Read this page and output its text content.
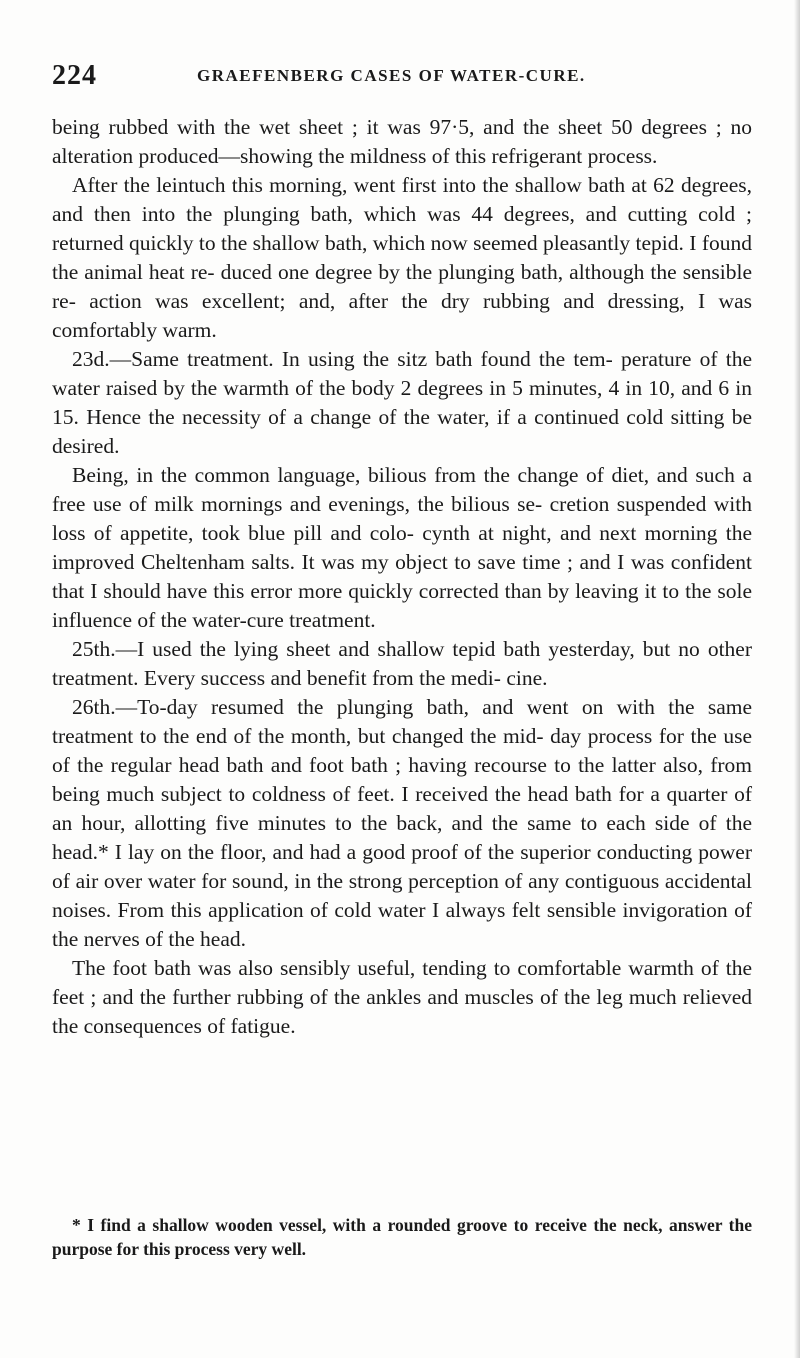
224	GRAEFENBERG CASES OF WATER-CURE.

being rubbed with the wet sheet ; it was 97·5, and the sheet 50 degrees ; no alteration produced—showing the mildness of this refrigerant process.

After the leintuch this morning, went first into the shallow bath at 62 degrees, and then into the plunging bath, which was 44 degrees, and cutting cold ; returned quickly to the shallow bath, which now seemed pleasantly tepid. I found the animal heat re- duced one degree by the plunging bath, although the sensible re- action was excellent; and, after the dry rubbing and dressing, I was comfortably warm.

23d.—Same treatment. In using the sitz bath found the tem- perature of the water raised by the warmth of the body 2 degrees in 5 minutes, 4 in 10, and 6 in 15. Hence the necessity of a change of the water, if a continued cold sitting be desired.

Being, in the common language, bilious from the change of diet, and such a free use of milk mornings and evenings, the bilious se- cretion suspended with loss of appetite, took blue pill and colo- cynth at night, and next morning the improved Cheltenham salts. It was my object to save time ; and I was confident that I should have this error more quickly corrected than by leaving it to the sole influence of the water-cure treatment.

25th.—I used the lying sheet and shallow tepid bath yesterday, but no other treatment. Every success and benefit from the medi- cine.

26th.—To-day resumed the plunging bath, and went on with the same treatment to the end of the month, but changed the mid- day process for the use of the regular head bath and foot bath ; having recourse to the latter also, from being much subject to coldness of feet. I received the head bath for a quarter of an hour, allotting five minutes to the back, and the same to each side of the head.* I lay on the floor, and had a good proof of the superior conducting power of air over water for sound, in the strong perception of any contiguous accidental noises. From this application of cold water I always felt sensible invigoration of the nerves of the head.

The foot bath was also sensibly useful, tending to comfortable warmth of the feet ; and the further rubbing of the ankles and muscles of the leg much relieved the consequences of fatigue.

* I find a shallow wooden vessel, with a rounded groove to receive the neck, answer the purpose for this process very well.
